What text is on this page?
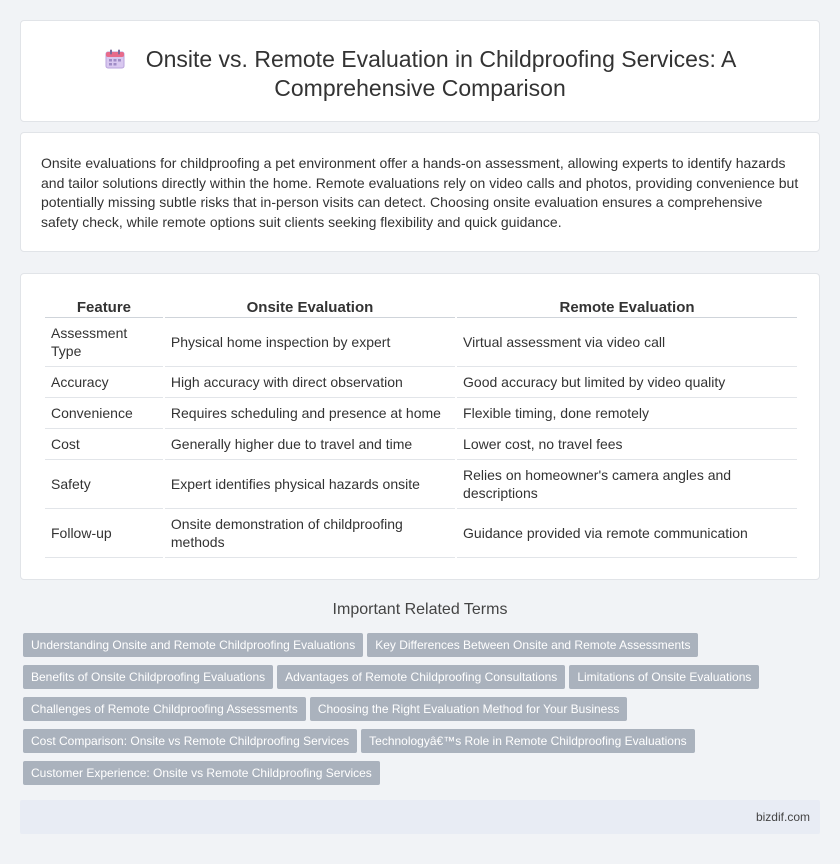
Onsite vs. Remote Evaluation in Childproofing Services: A Comprehensive Comparison

Onsite evaluations for childproofing a pet environment offer a hands-on assessment, allowing experts to identify hazards and tailor solutions directly within the home. Remote evaluations rely on video calls and photos, providing convenience but potentially missing subtle risks that in-person visits can detect. Choosing onsite evaluation ensures a comprehensive safety check, while remote options suit clients seeking flexibility and quick guidance.

Feature	Onsite Evaluation	Remote Evaluation
Assessment Type	Physical home inspection by expert	Virtual assessment via video call
Accuracy	High accuracy with direct observation	Good accuracy but limited by video quality
Convenience	Requires scheduling and presence at home	Flexible timing, done remotely
Cost	Generally higher due to travel and time	Lower cost, no travel fees
Safety	Expert identifies physical hazards onsite	Relies on homeowner's camera angles and descriptions
Follow-up	Onsite demonstration of childproofing methods	Guidance provided via remote communication
Important Related Terms
Understanding Onsite and Remote Childproofing Evaluations Key Differences Between Onsite and Remote Assessments
Benefits of Onsite Childproofing Evaluations Advantages of Remote Childproofing Consultations Limitations of Onsite Evaluations
Challenges of Remote Childproofing Assessments Choosing the Right Evaluation Method for Your Business
Cost Comparison: Onsite vs Remote Childproofing Services Technologyâ€™s Role in Remote Childproofing Evaluations
Customer Experience: Onsite vs Remote Childproofing Services
bizdif.com
